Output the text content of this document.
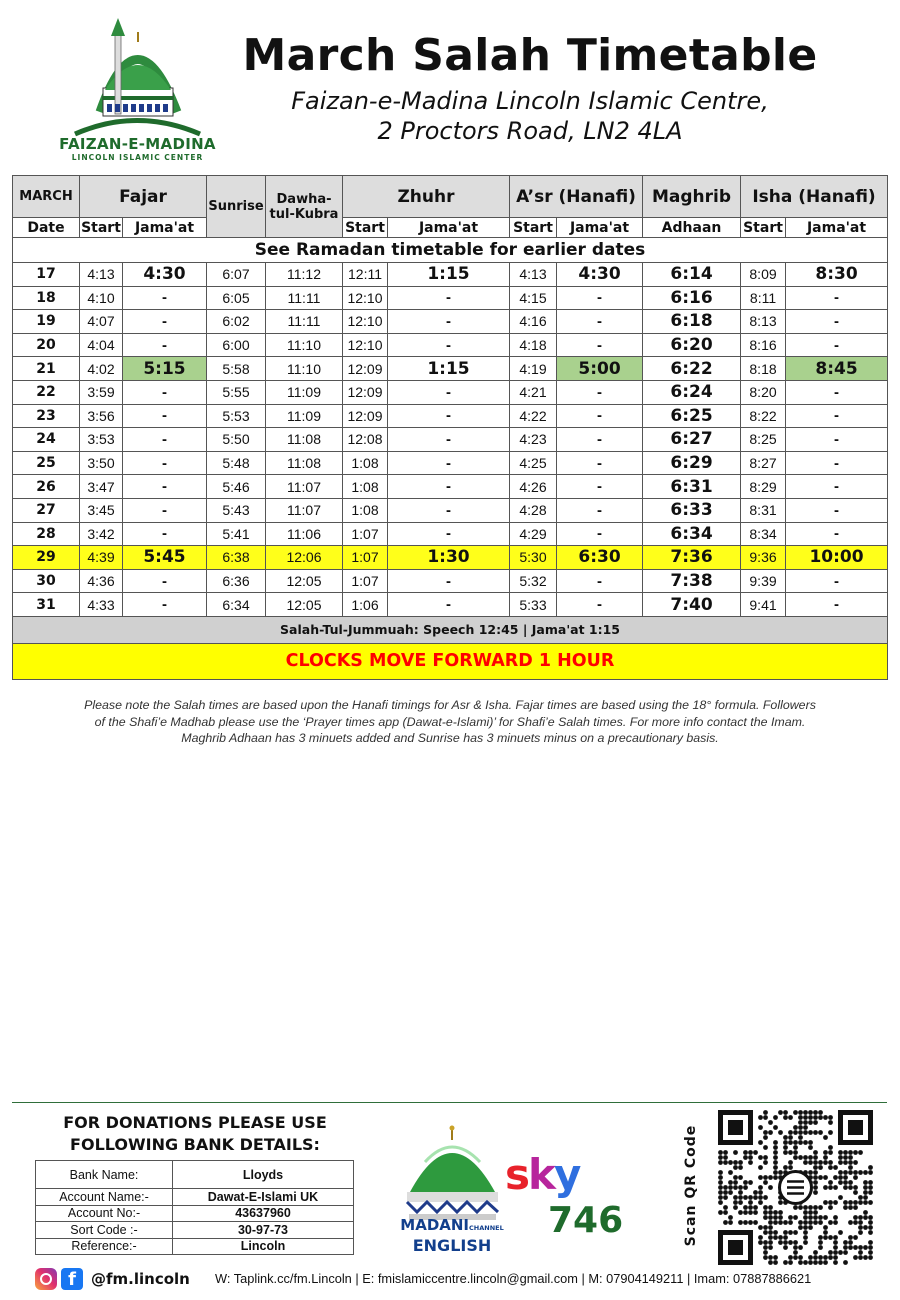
FAIZAN-E-MADINA
LINCOLN ISLAMIC CENTER
March Salah Timetable
Faizan-e-Madina Lincoln Islamic Centre,
2 Proctors Road, LN2 4LA
MARCH	Fajar		Sunrise	Dawha-
tul-Kubra	Zhuhr		A’sr (Hanafi)		Maghrib	Isha (Hanafi)	
Date	Start	Jama'at			Start	Jama'at	Start	Jama'at	Adhaan	Start	Jama'at
See Ramadan timetable for earlier dates											
17	4:13	4:30	6:07	11:12	12:11	1:15	4:13	4:30	6:14	8:09	8:30
18	4:10	-	6:05	11:11	12:10	-	4:15	-	6:16	8:11	-
19	4:07	-	6:02	11:11	12:10	-	4:16	-	6:18	8:13	-
20	4:04	-	6:00	11:10	12:10	-	4:18	-	6:20	8:16	-
21	4:02	5:15	5:58	11:10	12:09	1:15	4:19	5:00	6:22	8:18	8:45
22	3:59	-	5:55	11:09	12:09	-	4:21	-	6:24	8:20	-
23	3:56	-	5:53	11:09	12:09	-	4:22	-	6:25	8:22	-
24	3:53	-	5:50	11:08	12:08	-	4:23	-	6:27	8:25	-
25	3:50	-	5:48	11:08	1:08	-	4:25	-	6:29	8:27	-
26	3:47	-	5:46	11:07	1:08	-	4:26	-	6:31	8:29	-
27	3:45	-	5:43	11:07	1:08	-	4:28	-	6:33	8:31	-
28	3:42	-	5:41	11:06	1:07	-	4:29	-	6:34	8:34	-
29	4:39	5:45	6:38	12:06	1:07	1:30	5:30	6:30	7:36	9:36	10:00
30	4:36	-	6:36	12:05	1:07	-	5:32	-	7:38	9:39	-
31	4:33	-	6:34	12:05	1:06	-	5:33	-	7:40	9:41	-
Salah-Tul-Jummuah: Speech 12:45 | Jama'at 1:15											
CLOCKS MOVE FORWARD 1 HOUR											
Please note the Salah times are based upon the Hanafi timings for Asr & Isha. Fajar times are based using the 18° formula. Followers
of the Shafi’e Madhab please use the ‘Prayer times app (Dawat-e-Islami)’ for Shafi’e Salah times. For more info contact the Imam.
Maghrib Adhaan has 3 minuets added and Sunrise has 3 minuets minus on a precautionary basis.
FOR DONATIONS PLEASE USE
FOLLOWING BANK DETAILS:
Bank Name:	Lloyds
Account Name:-	Dawat-E-Islami UK
Account No:-	43637960
Sort Code :-	30-97-73
Reference:-	Lincoln
MADANICHANNEL
ENGLISH
sky
746	Scan QR Code
f	@fm.lincoln W: Taplink.cc/fm.Lincoln | E: fmislamiccentre.lincoln@gmail.com | M: 07904149211 | Imam: 07887886621
